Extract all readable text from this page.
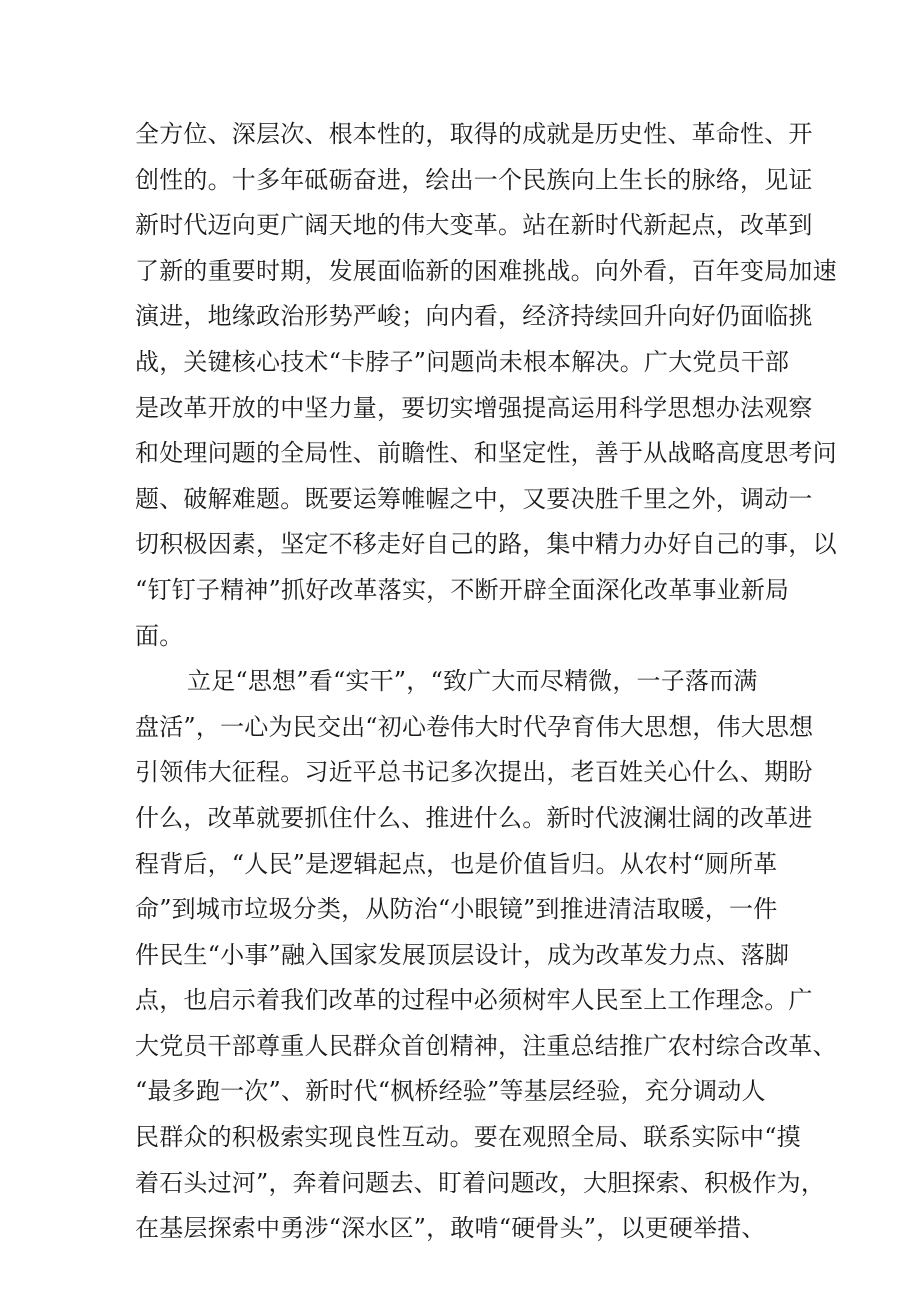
全方位、深层次、根本性的，取得的成就是历史性、革命性、开
创性的。十多年砥砺奋进，绘出一个民族向上生长的脉络，见证
新时代迈向更广阔天地的伟大变革。站在新时代新起点，改革到
了新的重要时期，发展面临新的困难挑战。向外看，百年变局加速
演进，地缘政治形势严峻；向内看，经济持续回升向好仍面临挑
战，关键核心技术“卡脖子”问题尚未根本解决。广大党员干部
是改革开放的中坚力量，要切实增强提高运用科学思想办法观察
和处理问题的全局性、前瞻性、和坚定性，善于从战略高度思考问
题、破解难题。既要运筹帷幄之中，又要决胜千里之外，调动一
切积极因素，坚定不移走好自己的路，集中精力办好自己的事，以
“钉钉子精神”抓好改革落实，不断开辟全面深化改革事业新局
面。
立足“思想”看“实干”，“致广大而尽精微，一子落而满
盘活”，一心为民交出“初心卷伟大时代孕育伟大思想，伟大思想
引领伟大征程。习近平总书记多次提出，老百姓关心什么、期盼
什么，改革就要抓住什么、推进什么。新时代波澜壮阔的改革进
程背后，“人民”是逻辑起点，也是价值旨归。从农村“厕所革
命”到城市垃圾分类，从防治“小眼镜”到推进清洁取暖，一件
件民生“小事”融入国家发展顶层设计，成为改革发力点、落脚
点，也启示着我们改革的过程中必须树牢人民至上工作理念。广
大党员干部尊重人民群众首创精神，注重总结推广农村综合改革、
“最多跑一次”、新时代“枫桥经验”等基层经验，充分调动人
民群众的积极索实现良性互动。要在观照全局、联系实际中“摸
着石头过河”，奔着问题去、盯着问题改，大胆探索、积极作为，
在基层探索中勇涉“深水区”，敢啃“硬骨头”，以更硬举措、
